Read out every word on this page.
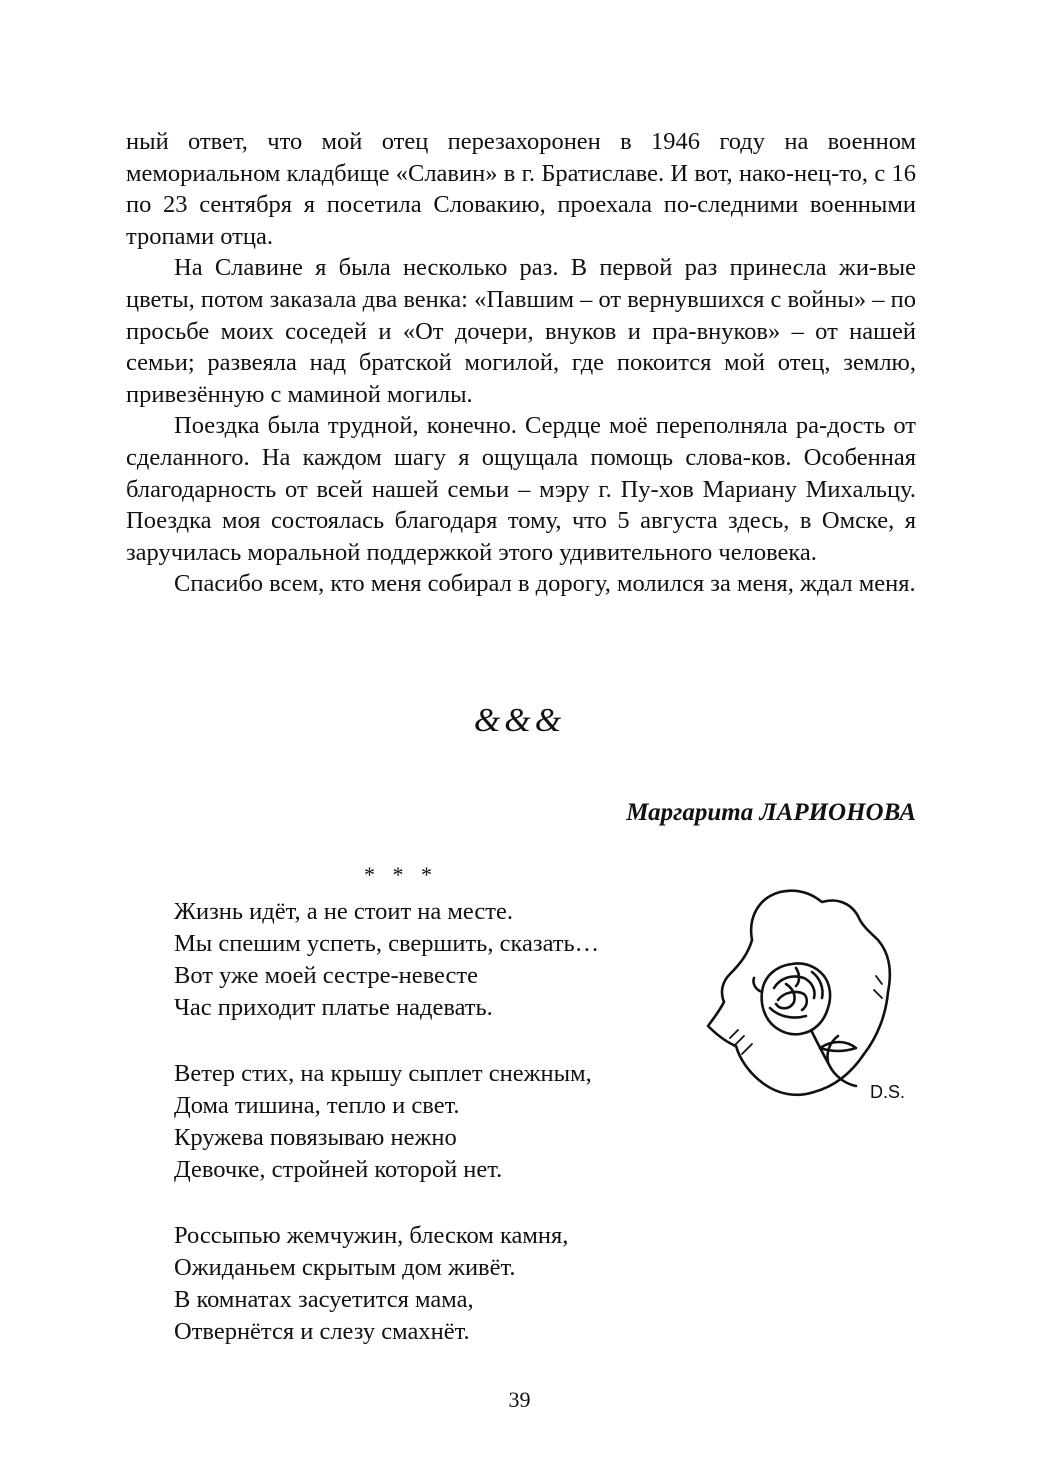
ный ответ, что мой отец перезахоронен в 1946 году на военном мемориальном кладбище «Славин» в г. Братиславе. И вот, нако-нец-то, с 16 по 23 сентября я посетила Словакию, проехала по-следними военными тропами отца.

На Славине я была несколько раз. В первой раз принесла жи-вые цветы, потом заказала два венка: «Павшим – от вернувшихся с войны» – по просьбе моих соседей и «От дочери, внуков и пра-внуков» – от нашей семьи; развеяла над братской могилой, где покоится мой отец, землю, привезённую с маминой могилы.

Поездка была трудной, конечно. Сердце моё переполняла ра-дость от сделанного. На каждом шагу я ощущала помощь слова-ков. Особенная благодарность от всей нашей семьи – мэру г. Пу-хов Мариану Михальцу. Поездка моя состоялась благодаря тому, что 5 августа здесь, в Омске, я заручилась моральной поддержкой этого удивительного человека.

Спасибо всем, кто меня собирал в дорогу, молился за меня, ждал меня.

&&&
Маргарита ЛАРИОНОВА
* * *
Жизнь идёт, а не стоит на месте.
Мы спешим успеть, свершить, сказать…
Вот уже моей сестре-невесте
Час приходит платье надевать.
Ветер стих, на крышу сыплет снежным,
Дома тишина, тепло и свет.
Кружева повязываю нежно
Девочке, стройней которой нет.
Россыпью жемчужин, блеском камня,
Ожиданьем скрытым дом живёт.
В комнатах засуетится мама,
Отвернётся и слезу смахнёт.
D.S.
39
